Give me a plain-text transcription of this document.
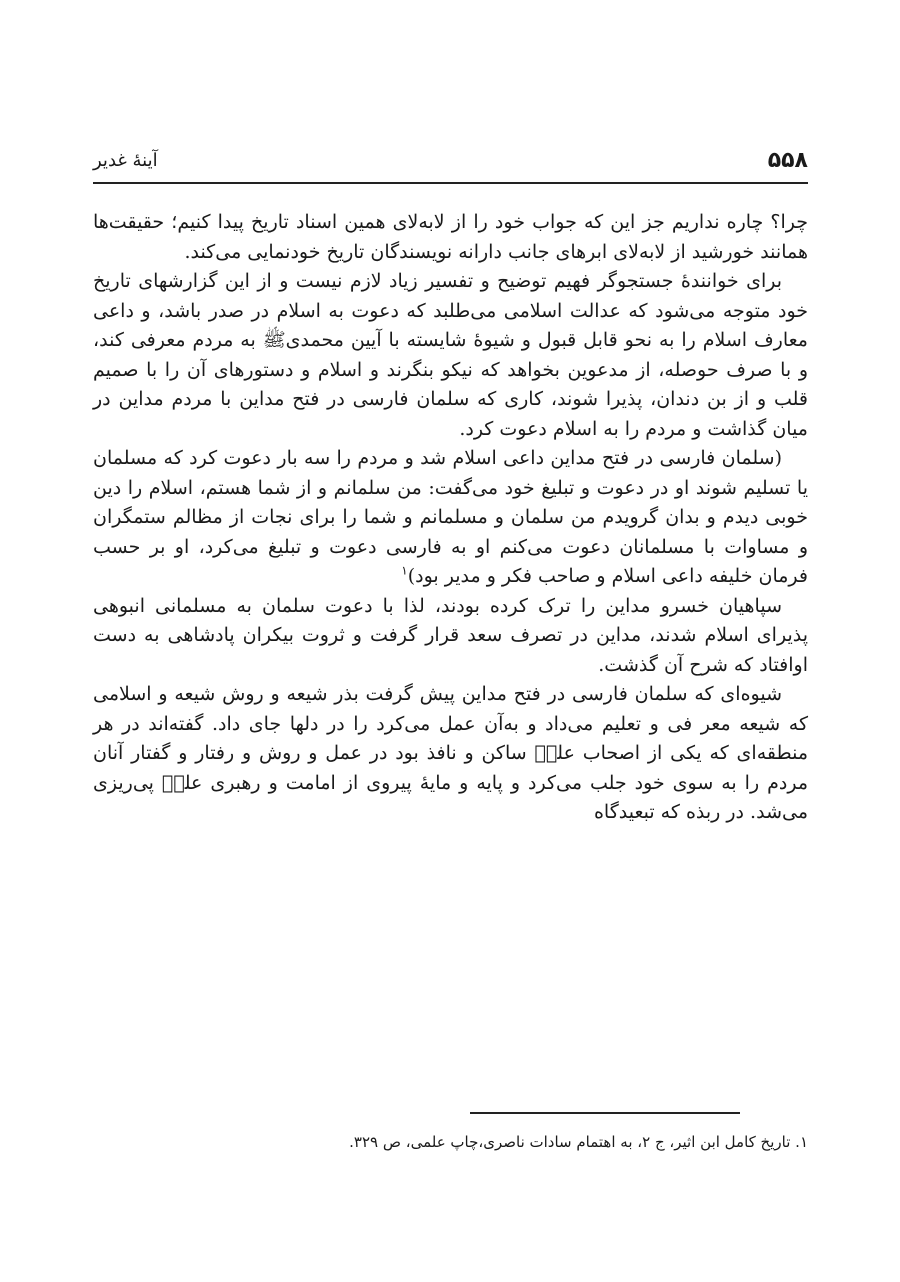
۵۵۸
آینهٔ غدیر

چرا؟ چاره نداریم جز این که جواب خود را از لابه‌لای همین اسناد تاریخ پیدا کنیم؛ حقیقت‌ها همانند خورشید از لابه‌لای ابرهای جانب دارانه نویسندگان تاریخ خودنمایی می‌کند.

برای خوانندهٔ جستجوگر فهیم توضیح و تفسیر زیاد لازم نیست و از این گزارشهای تاریخ خود متوجه می‌شود که عدالت اسلامی می‌طلبد که دعوت به اسلام در صدر باشد، و داعی معارف اسلام را به نحو قابل قبول و شیوهٔ شایسته با آیین محمدیﷺ به مردم معرفی کند، و با صرف حوصله، از مدعوین بخواهد که نیکو بنگرند و اسلام و دستورهای آن را با صمیم قلب و از بن دندان، پذیرا شوند، کاری که سلمان فارسی در فتح مداین با مردم مداین در میان گذاشت و مردم را به اسلام دعوت کرد.

(سلمان فارسی در فتح مداین داعی اسلام شد و مردم را سه بار دعوت کرد که مسلمان یا تسلیم شوند او در دعوت و تبلیغ خود می‌گفت: من سلمانم و از شما هستم، اسلام را دین خوبی دیدم و بدان گرویدم من سلمان و مسلمانم و شما را برای نجات از مظالم ستمگران و مساوات با مسلمانان دعوت می‌کنم او به فارسی دعوت و تبلیغ می‌کرد، او بر حسب فرمان خلیفه داعی اسلام و صاحب فکر و مدیر بود)$^۱$

سپاهیان خسرو مداین را ترک کرده بودند، لذا با دعوت سلمان به مسلمانی انبوهی پذیرای اسلام شدند، مداین در تصرف سعد قرار گرفت و ثروت بیکران پادشاهی به دست اوافتاد که شرح آن گذشت.

شیوه‌ای که سلمان فارسی در فتح مداین پیش گرفت بذر شیعه و روش شیعه و اسلامی که شیعه معر فی و تعلیم می‌داد و به‌آن عمل می‌کرد را در دلها جای داد. گفته‌اند در هر منطقه‌ای که یکی از اصحاب علیؑ ساکن و نافذ بود در عمل و روش و رفتار و گفتار آنان مردم را به سوی خود جلب می‌کرد و پایه و مایهٔ پیروی از امامت و رهبری علیؑ پی‌ریزی می‌شد. در ربذه که تبعیدگاه

۱. تاریخ کامل ابن اثیر، ج ۲، به اهتمام سادات ناصری،چاپ علمی، ص ۳۲۹.
